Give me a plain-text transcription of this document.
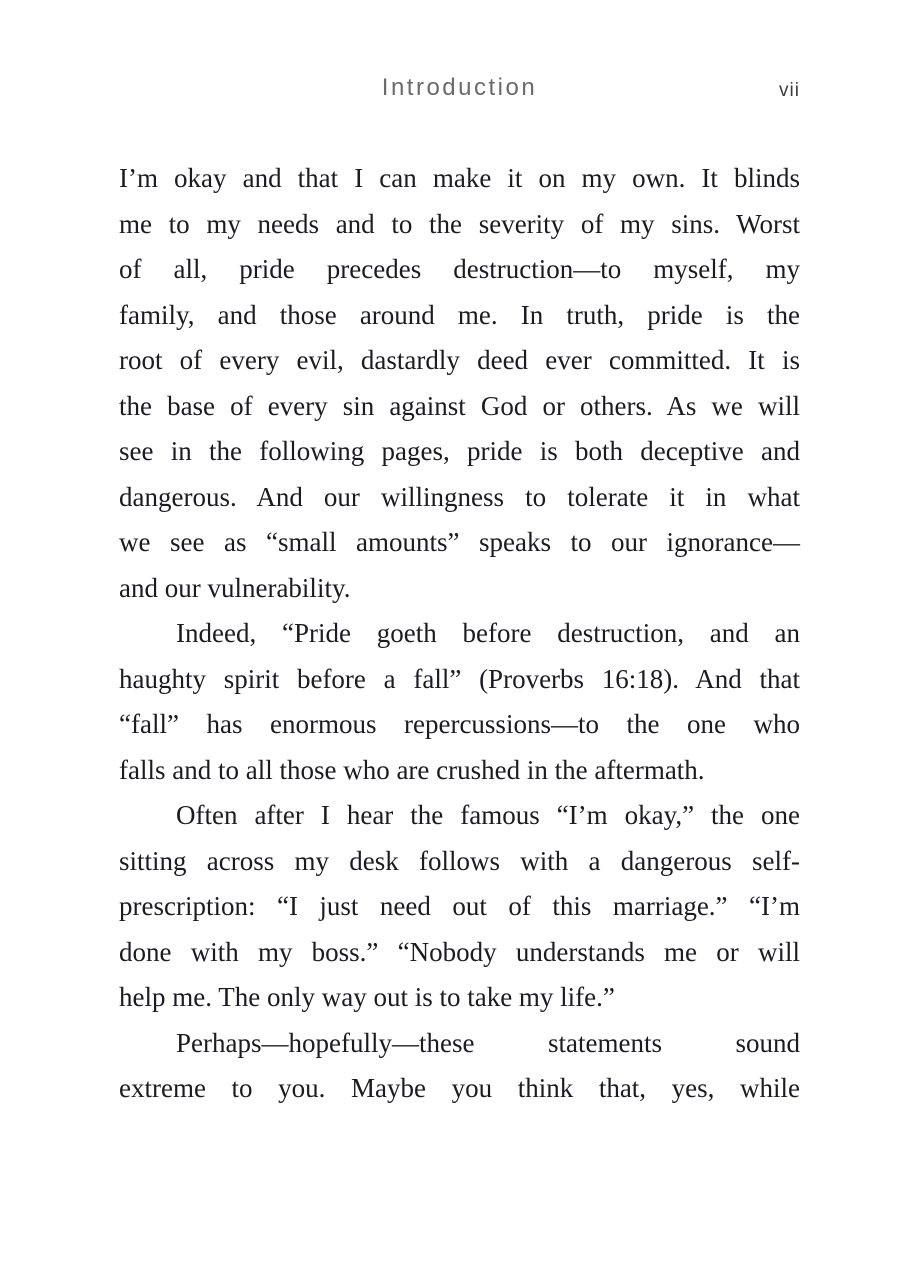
Introduction	vii
I’m okay and that I can make it on my own. It blinds
me to my needs and to the severity of my sins. Worst
of all, pride precedes destruction—to myself, my
family, and those around me. In truth, pride is the
root of every evil, dastardly deed ever committed. It is
the base of every sin against God or others. As we will
see in the following pages, pride is both deceptive and
dangerous. And our willingness to tolerate it in what
we see as “small amounts” speaks to our ignorance—
and our vulnerability.
Indeed, “Pride goeth before destruction, and an
haughty spirit before a fall” (Proverbs 16:18). And that
“fall” has enormous repercussions—to the one who
falls and to all those who are crushed in the aftermath.
Often after I hear the famous “I’m okay,” the one
sitting across my desk follows with a dangerous self-
prescription: “I just need out of this marriage.” “I’m
done with my boss.” “Nobody understands me or will
help me. The only way out is to take my life.”
Perhaps—hopefully—these statements sound
extreme to you. Maybe you think that, yes, while
